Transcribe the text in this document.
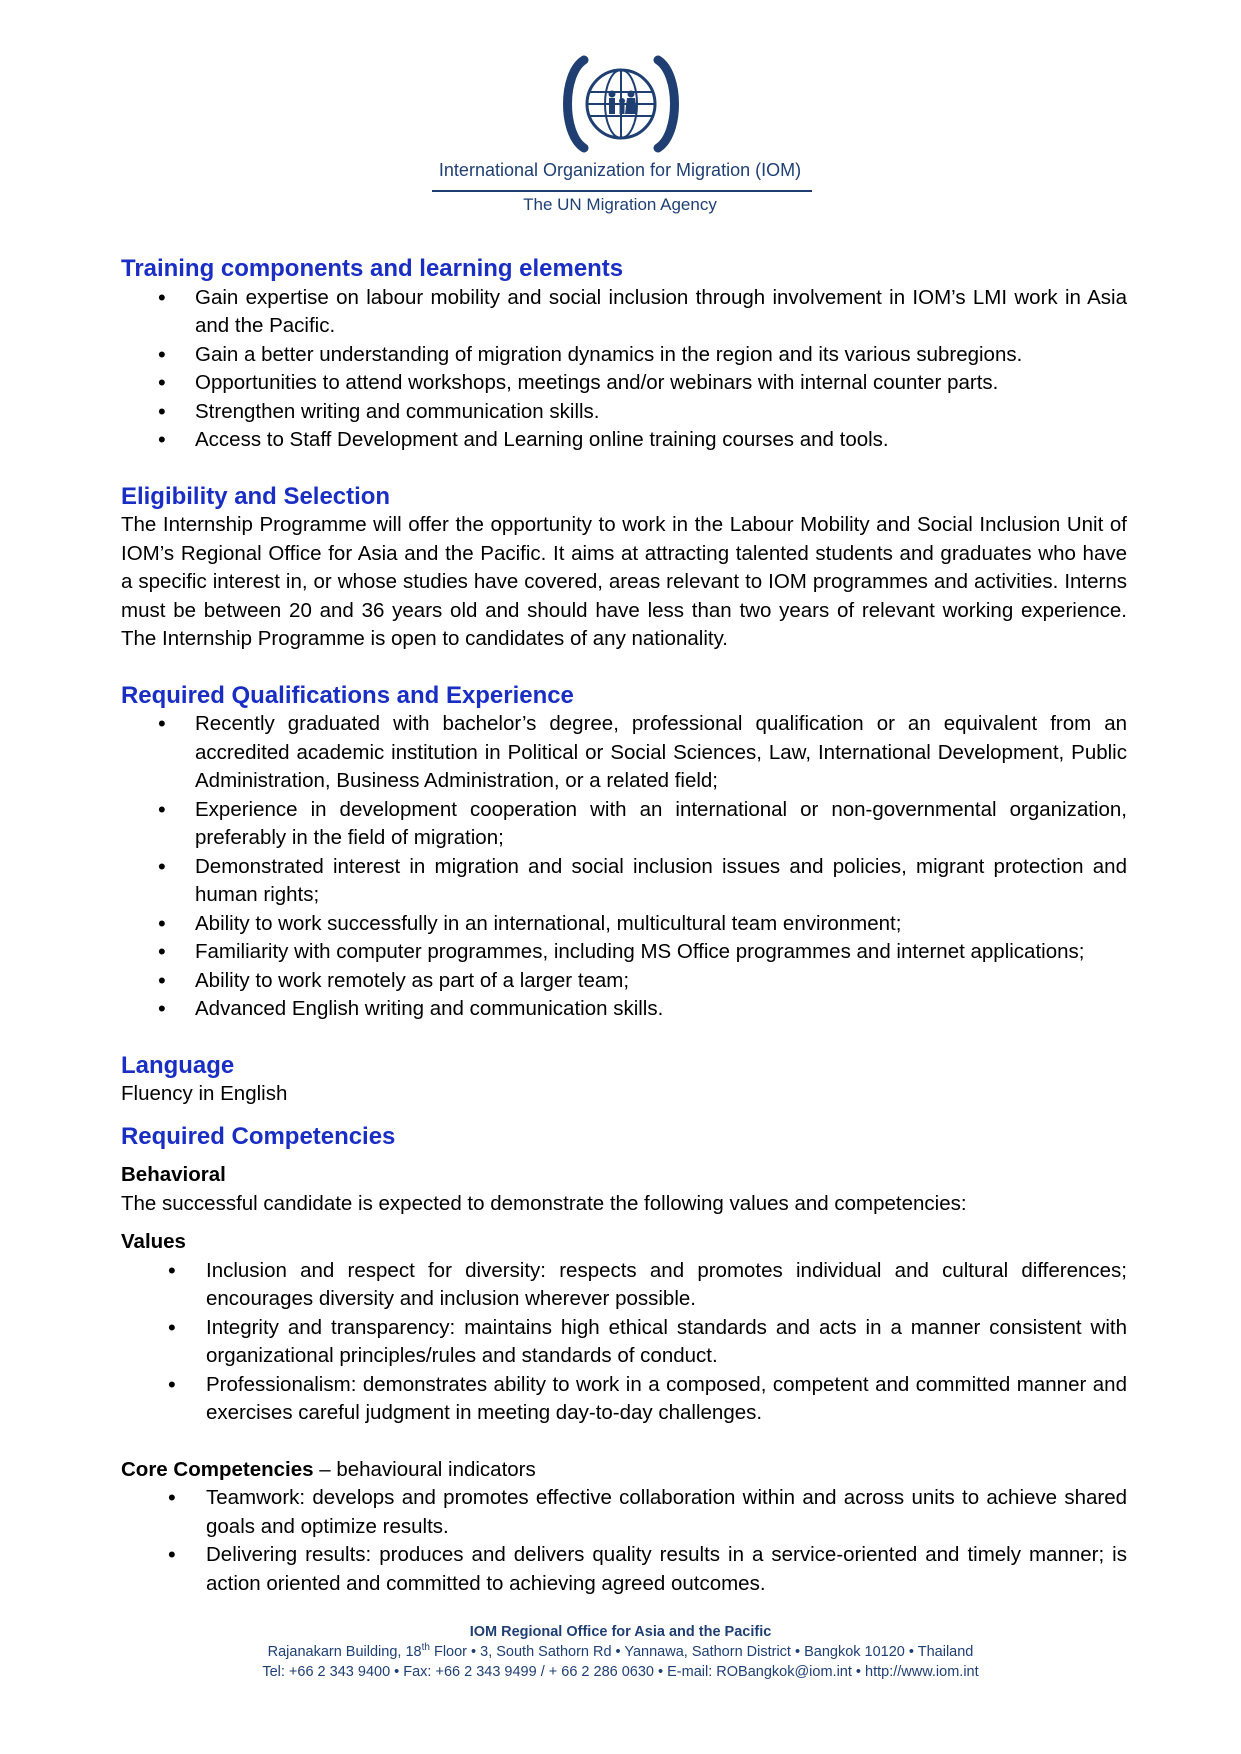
International Organization for Migration (IOM)
The UN Migration Agency
Training components and learning elements
• Gain expertise on labour mobility and social inclusion through involvement in IOM’s LMI work in Asia and the Pacific.
• Gain a better understanding of migration dynamics in the region and its various subregions.
• Opportunities to attend workshops, meetings and/or webinars with internal counter parts.
• Strengthen writing and communication skills.
• Access to Staff Development and Learning online training courses and tools.
Eligibility and Selection

The Internship Programme will offer the opportunity to work in the Labour Mobility and Social Inclusion Unit of IOM’s Regional Office for Asia and the Pacific. It aims at attracting talented students and graduates who have a specific interest in, or whose studies have covered, areas relevant to IOM programmes and activities. Interns must be between 20 and 36 years old and should have less than two years of relevant working experience. The Internship Programme is open to candidates of any nationality.

Required Qualifications and Experience
• Recently graduated with bachelor’s degree, professional qualification or an equivalent from an accredited academic institution in Political or Social Sciences, Law, International Development, Public Administration, Business Administration, or a related field;
• Experience in development cooperation with an international or non-governmental organization, preferably in the field of migration;
• Demonstrated interest in migration and social inclusion issues and policies, migrant protection and human rights;
• Ability to work successfully in an international, multicultural team environment;
• Familiarity with computer programmes, including MS Office programmes and internet applications;
• Ability to work remotely as part of a larger team;
• Advanced English writing and communication skills.
Language

Fluency in English

Required Competencies
Behavioral

The successful candidate is expected to demonstrate the following values and competencies:

Values
• Inclusion and respect for diversity: respects and promotes individual and cultural differences; encourages diversity and inclusion wherever possible.
• Integrity and transparency: maintains high ethical standards and acts in a manner consistent with organizational principles/rules and standards of conduct.
• Professionalism: demonstrates ability to work in a composed, competent and committed manner and exercises careful judgment in meeting day-to-day challenges.

Core Competencies – behavioural indicators

• Teamwork: develops and promotes effective collaboration within and across units to achieve shared goals and optimize results.
• Delivering results: produces and delivers quality results in a service-oriented and timely manner; is action oriented and committed to achieving agreed outcomes.
IOM Regional Office for Asia and the Pacific
Rajanakarn Building, 18th Floor • 3, South Sathorn Rd • Yannawa, Sathorn District • Bangkok 10120 • Thailand
Tel: +66 2 343 9400 • Fax: +66 2 343 9499 / + 66 2 286 0630 • E-mail: ROBangkok@iom.int • http://www.iom.int
